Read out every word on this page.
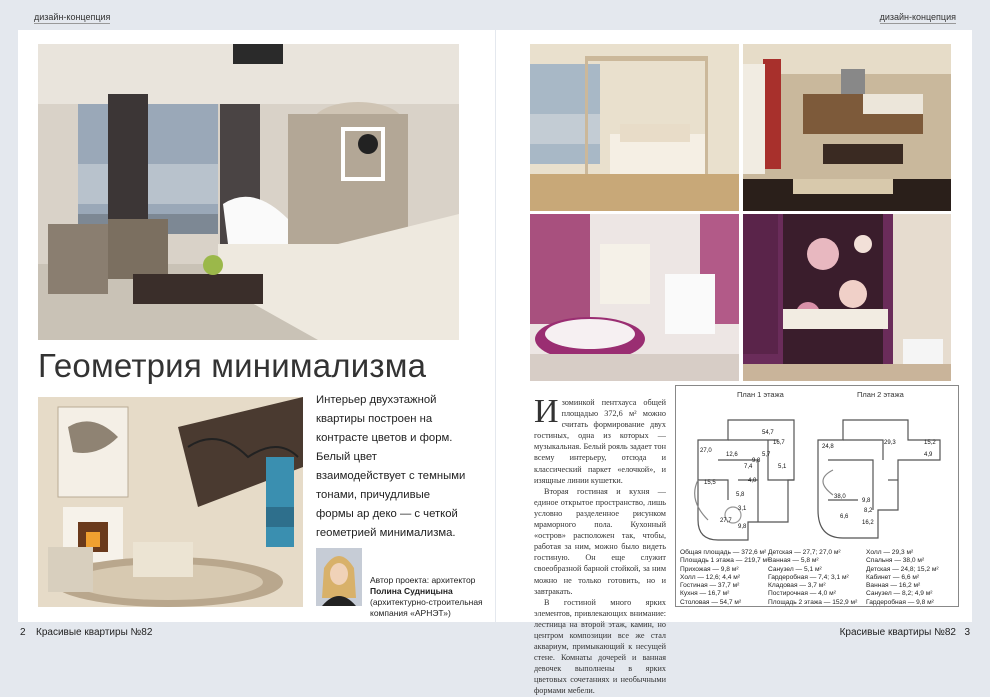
дизайн-концепция	дизайн-концепция
Геометрия минимализма
Интерьер двухэтажной квартиры построен на контрасте цветов и форм. Белый цвет взаимодействует с темными тонами, причудливые формы ар деко — с четкой геометрией минимализма.
Автор проекта: архитектор
Полина Судницына
(архитектурно-строительная
компания «АРНЭТ»)

Изоминкой пентхауса общей площадью 372,6 м² можно считать формирование двух гостиных, одна из которых — музыкальная. Белый рояль задает тон всему интерьеру, отсюда и классический паркет «елочкой», и изящные линии кушетки.

Вторая гостиная и кухня — единое открытое пространство, лишь условно разделенное рисунком мраморного пола. Кухонный «остров» расположен так, чтобы, работая за ним, можно было видеть гостиную. Он еще служит своеобразной барной стойкой, за ним можно не только готовить, но и завтракать.

В гостиной много ярких элементов, привлекающих внимание: лестница на второй этаж, камин, но центром композиции все же стал аквариум, примыкающий к несущей стене. Комнаты дочерей и ванная девочек выполнены в ярких цветовых сочетаниях и необычными формами мебели.

План 1 этажа	План 2 этажа
54,7
16,7
27,0
12,6	5,7
9,8
5,1
7,4
4,0
15,5
5,8
3,1
27,7
9,8
24,8
29,3	15,2
4,9
38,0
9,8
6,6
8,2
16,2
Общая площадь — 372,6 м²
Площадь 1 этажа — 219,7 м²
Прихожая — 9,8 м²
Холл — 12,6; 4,4 м²
Гостиная — 37,7 м²
Кухня — 16,7 м²
Столовая — 54,7 м²
Детская — 27,7; 27,0 м²
Ванная — 5,8 м²
Санузел — 5,1 м²
Гардеробная — 7,4; 3,1 м²
Кладовая — 3,7 м²
Постирочная — 4,0 м²
Площадь 2 этажа — 152,9 м²
Холл — 29,3 м²
Спальня — 38,0 м²
Детская — 24,8; 15,2 м²
Кабинет — 6,6 м²
Ванная — 16,2 м²
Санузел — 8,2; 4,9 м²
Гардеробная — 9,8 м²
2 Красивые квартиры №82	Красивые квартиры №82 3
